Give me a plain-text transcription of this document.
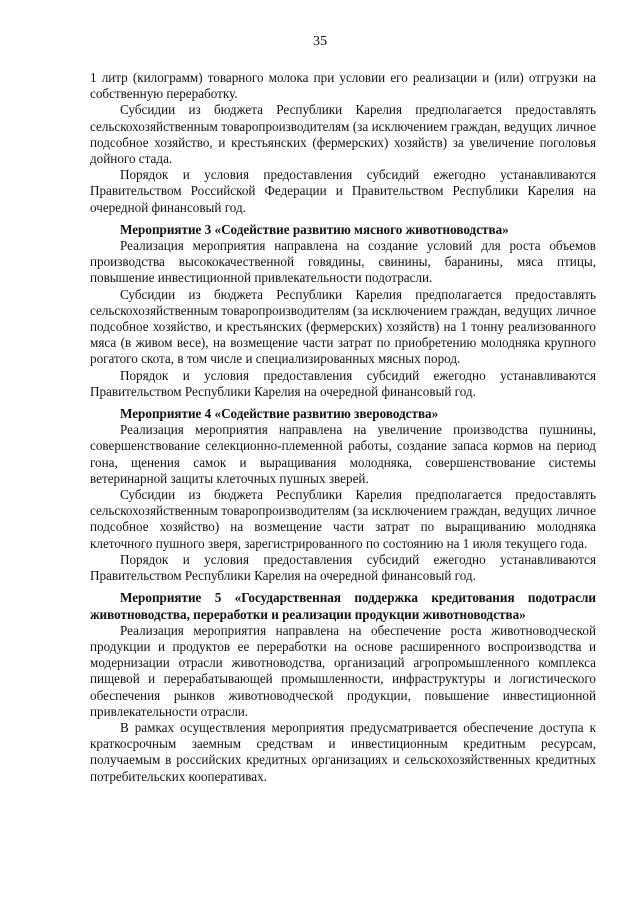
35

1 литр (килограмм) товарного молока при условии его реализации и (или) отгрузки на собственную переработку.

Субсидии из бюджета Республики Карелия предполагается предоставлять сельскохозяйственным товаропроизводителям (за исключением граждан, ведущих личное подсобное хозяйство, и крестьянских (фермерских) хозяйств) за увеличение поголовья дойного стада.

Порядок и условия предоставления субсидий ежегодно устанавливаются Правительством Российской Федерации и Правительством Республики Карелия на очередной финансовый год.

Мероприятие 3 «Содействие развитию мясного животноводства»

Реализация мероприятия направлена на создание условий для роста объемов производства высококачественной говядины, свинины, баранины, мяса птицы, повышение инвестиционной привлекательности подотрасли.

Субсидии из бюджета Республики Карелия предполагается предоставлять сельскохозяйственным товаропроизводителям (за исключением граждан, ведущих личное подсобное хозяйство, и крестьянских (фермерских) хозяйств) на 1 тонну реализованного мяса (в живом весе), на возмещение части затрат по приобретению молодняка крупного рогатого скота, в том числе и специализированных мясных пород.

Порядок и условия предоставления субсидий ежегодно устанавливаются Правительством Республики Карелия на очередной финансовый год.

Мероприятие 4 «Содействие развитию звероводства»

Реализация мероприятия направлена на увеличение производства пушнины, совершенствование селекционно-племенной работы, создание запаса кормов на период гона, щенения самок и выращивания молодняка, совершенствование системы ветеринарной защиты клеточных пушных зверей.

Субсидии из бюджета Республики Карелия предполагается предоставлять сельскохозяйственным товаропроизводителям (за исключением граждан, ведущих личное подсобное хозяйство) на возмещение части затрат по выращиванию молодняка клеточного пушного зверя, зарегистрированного по состоянию на 1 июля текущего года.

Порядок и условия предоставления субсидий ежегодно устанавливаются Правительством Республики Карелия на очередной финансовый год.

Мероприятие 5 «Государственная поддержка кредитования подотрасли животноводства, переработки и реализации продукции животноводства»

Реализация мероприятия направлена на обеспечение роста животноводческой продукции и продуктов ее переработки на основе расширенного воспроизводства и модернизации отрасли животноводства, организаций агропромышленного комплекса пищевой и перерабатывающей промышленности, инфраструктуры и логистического обеспечения рынков животноводческой продукции, повышение инвестиционной привлекательности отрасли.

В рамках осуществления мероприятия предусматривается обеспечение доступа к краткосрочным заемным средствам и инвестиционным кредитным ресурсам, получаемым в российских кредитных организациях и сельскохозяйственных кредитных потребительских кооперативах.
